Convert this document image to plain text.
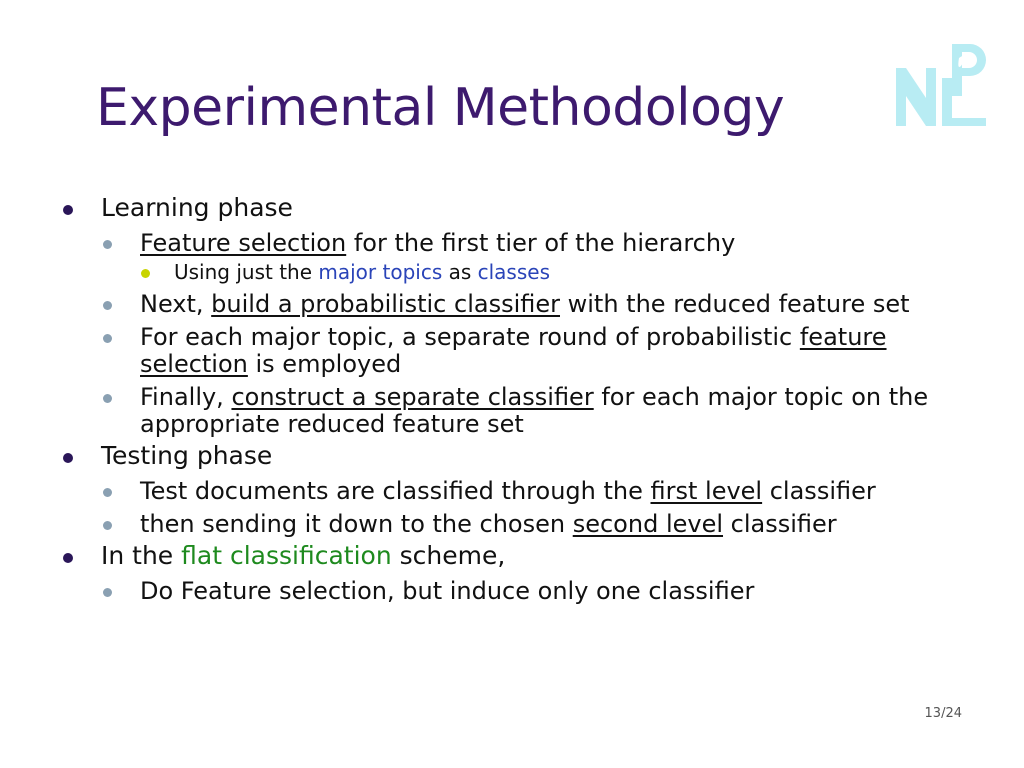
Experimental Methodology

Learning phase

Feature selection for the first tier of the hierarchy

Using just the major topics as classes

Next, build a probabilistic classifier with the reduced feature set

For each major topic, a separate round of probabilistic feature selection is employed

Finally, construct a separate classifier for each major topic on the appropriate reduced feature set

Testing phase

Test documents are classified through the first level classifier

then sending it down to the chosen second level classifier

In the flat classification scheme,

Do Feature selection, but induce only one classifier

13/24
